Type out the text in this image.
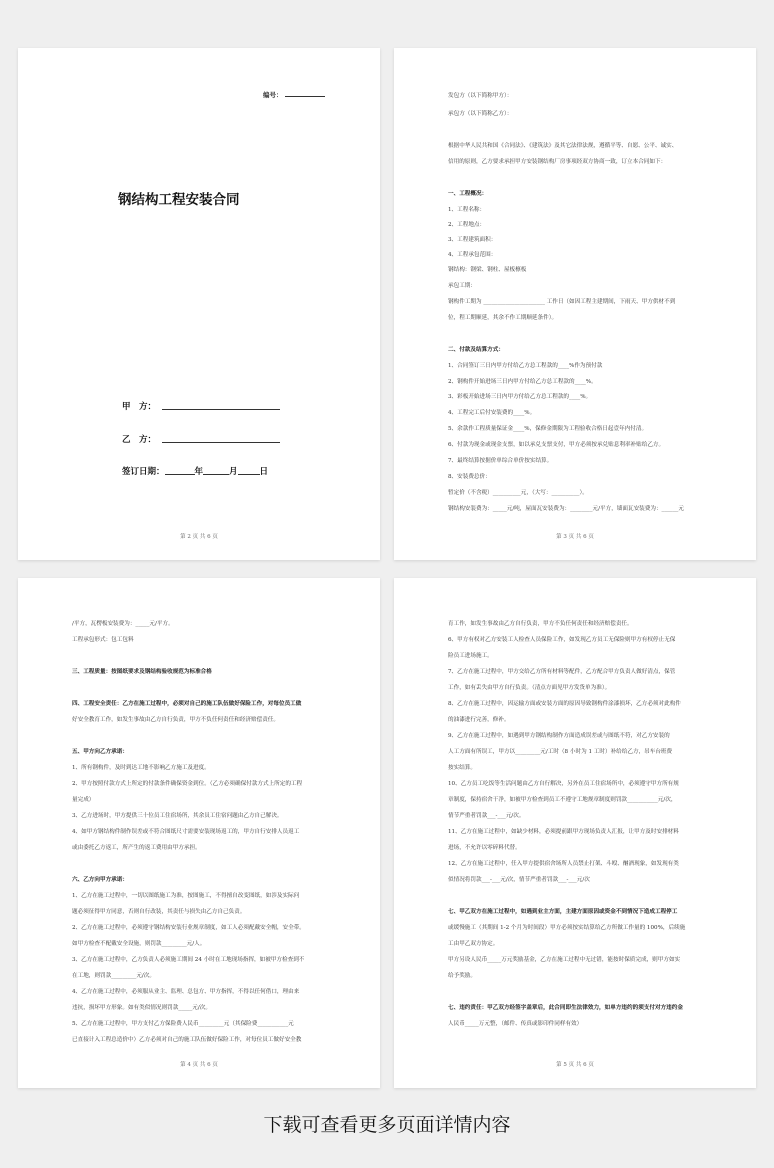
编号：
钢结构工程安装合同
甲　方：
乙　方：
签订日期：	年	月	日
第 2 页 共 6 页
发包方（以下简称甲方）：
承包方（以下简称乙方）：
根据中华人民共和国《合同法》、《建筑法》及其它法律法规，遵循平等、自愿、公平、诚实、
信用的原则，乙方要求承担甲方安装钢结构厂房事项经双方协商一致，订立本合同如下：
一、工程概况：
1、工程名称：
2、工程地点：
3、工程建筑面积：
4、工程承包范围：
钢结构：钢梁、钢柱、屋板檩板
承包工期：
钢构件工期为 ______________________ 工作日（如因工程主建期间，下雨天、甲方供材不到
位，程工期顺延，其余不作工期顺延条件）。
二、付款及结算方式：
1、合同签订三日内甲方付给乙方总工程款的____%作为预付款
2、钢构件开始进场三日内甲方付给乙方总工程款的____%。
3、彩板开始进场三日内甲方付给乙方总工程款的____%。
4、工程完工后付安装费的____%。
5、余款作工程质量保证金____%，保修金期限为工程验收合格日起壹年内付清。
6、付款为现金或现金支票，如以承兑支票支付，甲方必须按承兑贴息利率补贴给乙方。
7、最终结算按据价单综合单价按实结算。
8、安装费总价：
暂定价（不含税）__________元，（大写：__________）。
钢结构安装费为：_____元/吨，屋面瓦安装费为：________元/平方，墙面瓦安装费为：______元
第 3 页 共 6 页
/平方，瓦楞板安装费为：_____元/平方。
工程承包形式：包工包料
三、工程质量：按图纸要求及钢结构验收规范为标准合格
四、工程安全责任：乙方在施工过程中，必须对自己的施工队伍做好保险工作，对每位员工做
好安全教育工作，如发生事故由乙方自行负责，甲方不负任何责任和经济赔偿责任。
五、甲方向乙方承诺：
1、所有钢构件，及时到达工地不影响乙方施工及进度。
2、甲方按照付款方式上所定的付款条件确保资金到位。（乙方必须确保付款方式上所定的工程
量完成）
3、乙方进场时，甲方提供三十位员工住宿场所，其余员工住宿问题由乙方自己解决。
4、如甲方钢结构件制作误差或不符合图纸尺寸需要安装现场返工的，甲方自行安排人员返工
或由委托乙方返工，所产生的返工费用由甲方承担。
六、乙方向甲方承诺：
1、乙方在施工过程中，一切以图纸施工为准，按图施工，不得擅自改变图纸，如涉及实际问
题必须征得甲方同意，否则自行改装，其责任与损失由乙方自己负责。
2、乙方在施工过程中，必须遵守钢结构安装行业规章制度，如工人必须配戴安全帽，安全带。
如甲方检查不配戴安全设施，则罚款_________元/人。
3、乙方在施工过程中，乙方负责人必须施工期间 24 小时在工地现场指挥，如被甲方检查到不
在工地，则罚款_________元/次。
4、乙方在施工过程中，必须服从业主、监理、总包方、甲方指挥，不得以任何借口，理由来
违抗，损坏甲方形象。如有类似情况则罚款_____元/次。
5、乙方在施工过程中，甲方支付乙方保险费人民币_________元（其保险费___________元
已直接计入工程总造价中）乙方必须对自己的施工队伍做好保险工作，对每位员工做好安全教
第 4 页 共 6 页
育工作，如发生事故由乙方自行负责，甲方不负任何责任和经济赔偿责任。
6、甲方有权对乙方安装工人检查人员保险工作，如发现乙方员工无保险则甲方有权停止无保
险员工进场施工。
7、乙方在施工过程中，甲方交给乙方所有材料等配件，乙方配合甲方负责人做好清点，保管
工作，如有丢失由甲方自行负责。（清点方面见甲方发货单为准）。
8、乙方在施工过程中，因运输方面或安装方面的原因导致钢构件涂漆损坏，乙方必须对此构件
的油漆进行完善，修补。
9、乙方在施工过程中，如遇到甲方钢结构制作方面造成误差或与图纸不符，对乙方安装的
人工方面有所误工，甲方以_________元/工时（8 小时为 1 工时）补给给乙方，吊车台班费
按实结算。
10、乙方员工吃饭等生活问题由乙方自行解决，另外在员工住宿场所中，必须遵守甲方所有规
章制度，保持宿舍干净，如被甲方检查到员工不遵守工地规章制度则罚款___________元/次，
情节严重者罚款___-___元/次。
11、乙方在施工过程中，如缺少材料，必须提前跟甲方现场负责人汇报，让甲方及时安排材料
进场，不允许以零碎料代替。
12、乙方在施工过程中，任入甲方提供宿舍场所人员禁止打架、斗殴、酗酒现象，如发现有类
似情况将罚款___-___元/次，情节严重者罚款___-___元/次
七、甲乙双方在施工过程中，如遇到业主方面，主建方面原因或资金不到情况下造成工程停工
或缓慢施工（其期间 1-2 个月为时间段）甲方必须按实结算给乙方所做工作量的 100%，后续施
工由甲乙双方协定。
甲方另设人民币_____万元奖励基金，乙方在施工过程中无过错，能按时保质完成，则甲方如实
给予奖励。
七、违约责任：甲乙双方经签字盖章后，此合同即生法律效力，如单方违约的须支付对方违约金
人民币_____万元整，（邮件、传真或影印件同样有效）
第 5 页 共 6 页
下载可查看更多页面详情内容
